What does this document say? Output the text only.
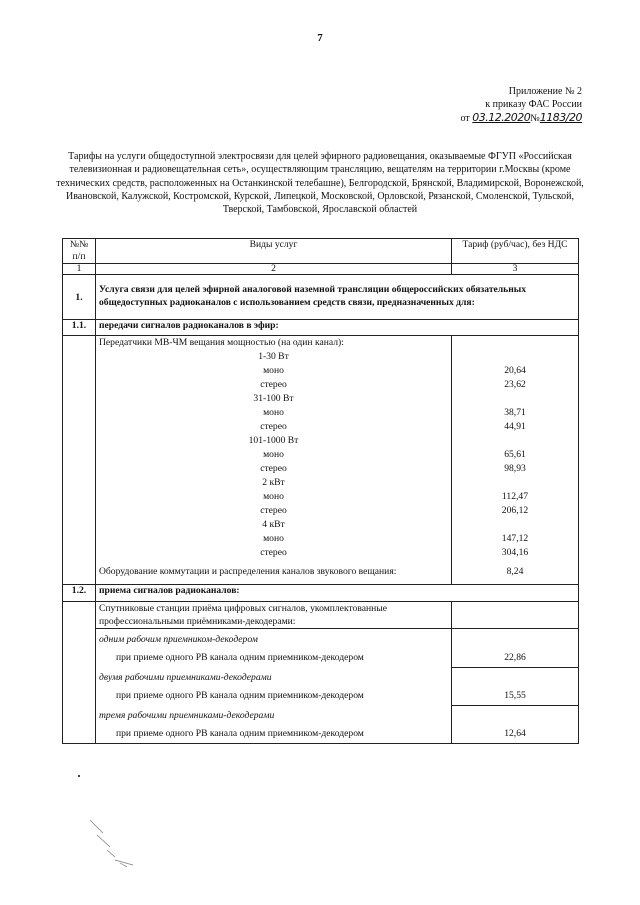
7
Приложение № 2
к приказу ФАС России
от 03.12.2020№1183/20
Тарифы на услуги общедоступной электросвязи для целей эфирного радиовещания, оказываемые ФГУП «Российская телевизионная и радиовещательная сеть», осуществляющим трансляцию, вещателям на территории г.Москвы (кроме технических средств, расположенных на Останкинской телебашне), Белгородской, Брянской, Владимирской, Воронежской, Ивановской, Калужской, Костромской, Курской, Липецкой, Московской, Орловской, Рязанской, Смоленской, Тульской, Тверской, Тамбовской, Ярославской областей
№№ п/п	Виды услуг	Тариф (руб/час), без НДС
1	2	3
1.	Услуга связи для целей эфирной аналоговой наземной трансляции общероссийских обязательных общедоступных радиоканалов с использованием средств связи, предназначенных для:	
1.1.	передачи сигналов радиоканалов в эфир:	
	Передатчики МВ-ЧМ вещания мощностью (на один канал):	
	1-30 Вт	
	моно	20,64
	стерео	23,62
	31-100 Вт	
	моно	38,71
	стерео	44,91
	101-1000 Вт	
	моно	65,61
	стерео	98,93
	2 кВт	
	моно	112,47
	стерео	206,12
	4 кВт	
	моно	147,12
	стерео	304,16
	Оборудование коммутации и распределения каналов звукового вещания:	8,24
1.2.	приема сигналов радиоканалов:	
	Спутниковые станции приёма цифровых сигналов, укомплектованные профессиональными приёмниками-декодерами:	
	одним рабочим приемником-декодером	
	при приеме одного РВ канала одним приемником-декодером	22,86
	двумя рабочими приемниками-декодерами	
	при приеме одного РВ канала одним приемником-декодером	15,55
	тремя рабочими приемниками-декодерами	
	при приеме одного РВ канала одним приемником-декодером	12,64
